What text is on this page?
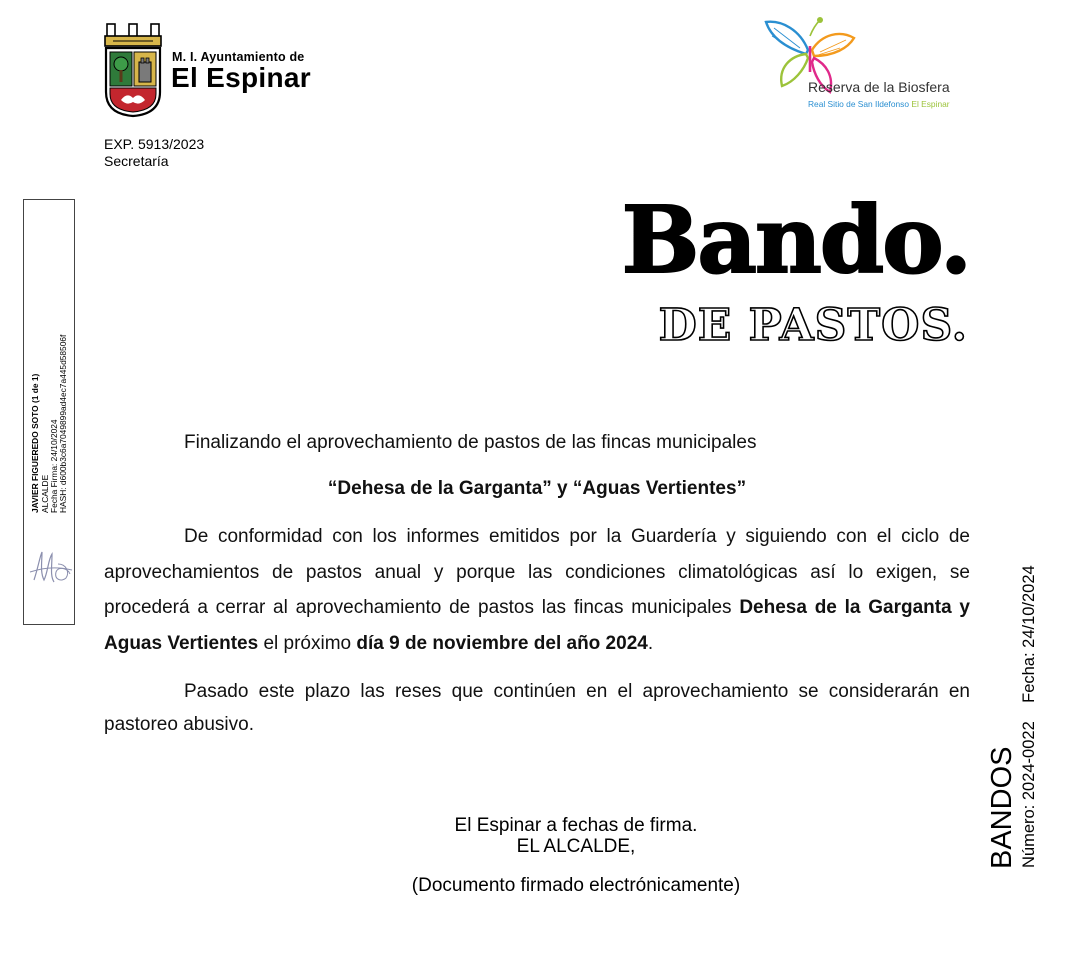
M. I. Ayuntamiento de
El Espinar	Reserva de la Biosfera
Real Sitio de San Ildefonso El Espinar
EXP. 5913/2023
Secretaría
JAVIER FIGUEREDO SOTO (1 de 1) ALCALDE Fecha Firma: 24/10/2024 HASH: d600b3c6a7049899ad4ec7a445d58506f
Bando.
DE PASTOS.
Finalizando el aprovechamiento de pastos de las fincas municipales
“Dehesa de la Garganta” y “Aguas Vertientes”
De conformidad con los informes emitidos por la Guardería y siguiendo con el ciclo de aprovechamientos de pastos anual y porque las condiciones climatológicas así lo exigen, se procederá a cerrar al aprovechamiento de pastos las fincas municipales Dehesa de la Garganta y Aguas Vertientes el próximo día 9 de noviembre del año 2024.
Pasado este plazo las reses que continúen en el aprovechamiento se considerarán en pastoreo abusivo.
El Espinar a fechas de firma.
EL ALCALDE,
(Documento firmado electrónicamente)
BANDOS Número: 2024-0022    Fecha: 24/10/2024
